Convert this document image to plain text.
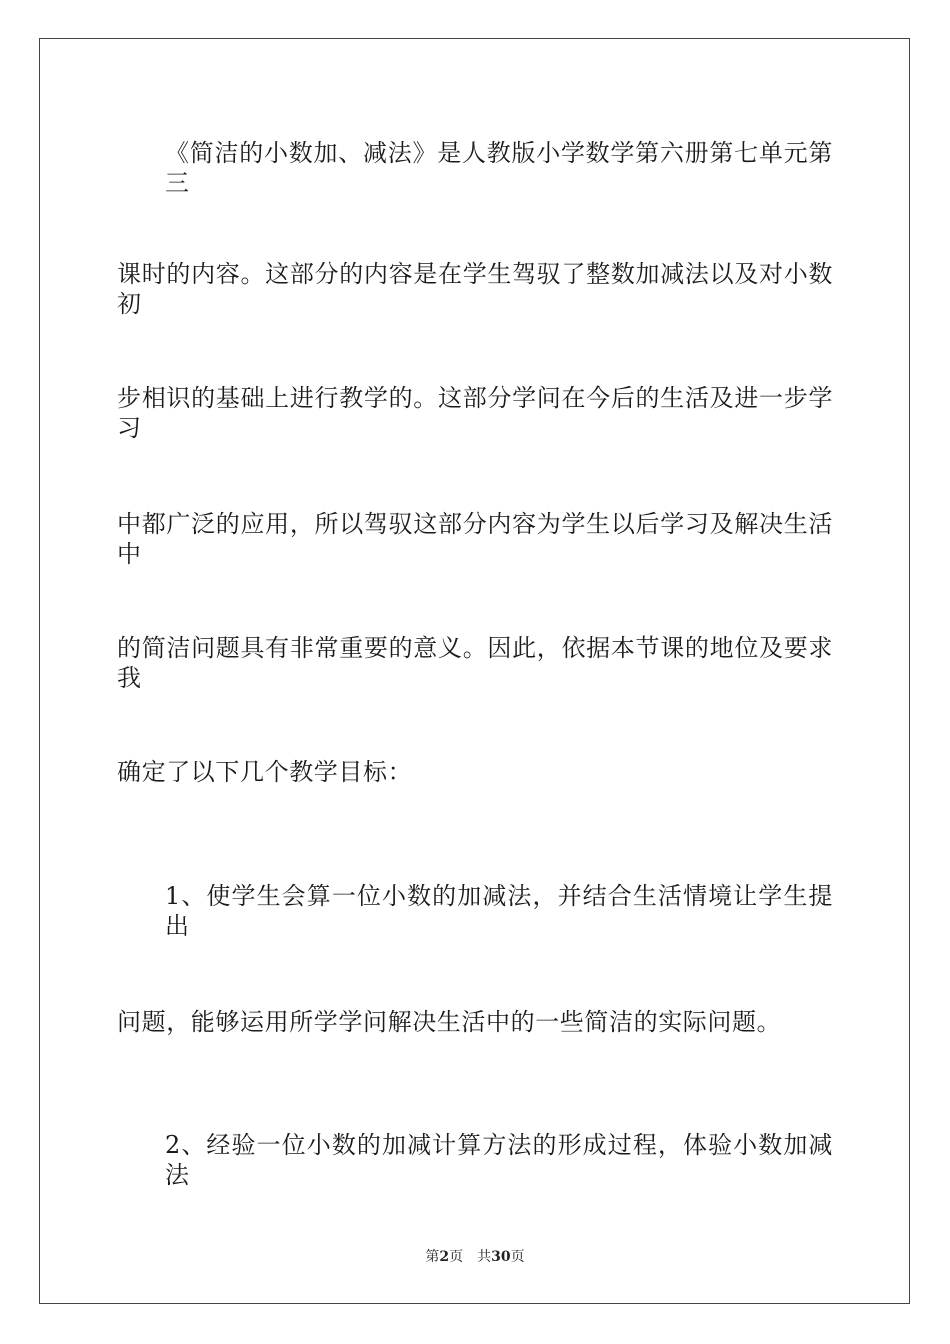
《简洁的小数加、减法》是人教版小学数学第六册第七单元第三
课时的内容。这部分的内容是在学生驾驭了整数加减法以及对小数初
步相识的基础上进行教学的。这部分学问在今后的生活及进一步学习
中都广泛的应用，所以驾驭这部分内容为学生以后学习及解决生活中
的简洁问题具有非常重要的意义。因此，依据本节课的地位及要求我
确定了以下几个教学目标：
1、使学生会算一位小数的加减法，并结合生活情境让学生提出
问题，能够运用所学学问解决生活中的一些简洁的实际问题。
2、经验一位小数的加减计算方法的形成过程，体验小数加减法
第2页 共30页
